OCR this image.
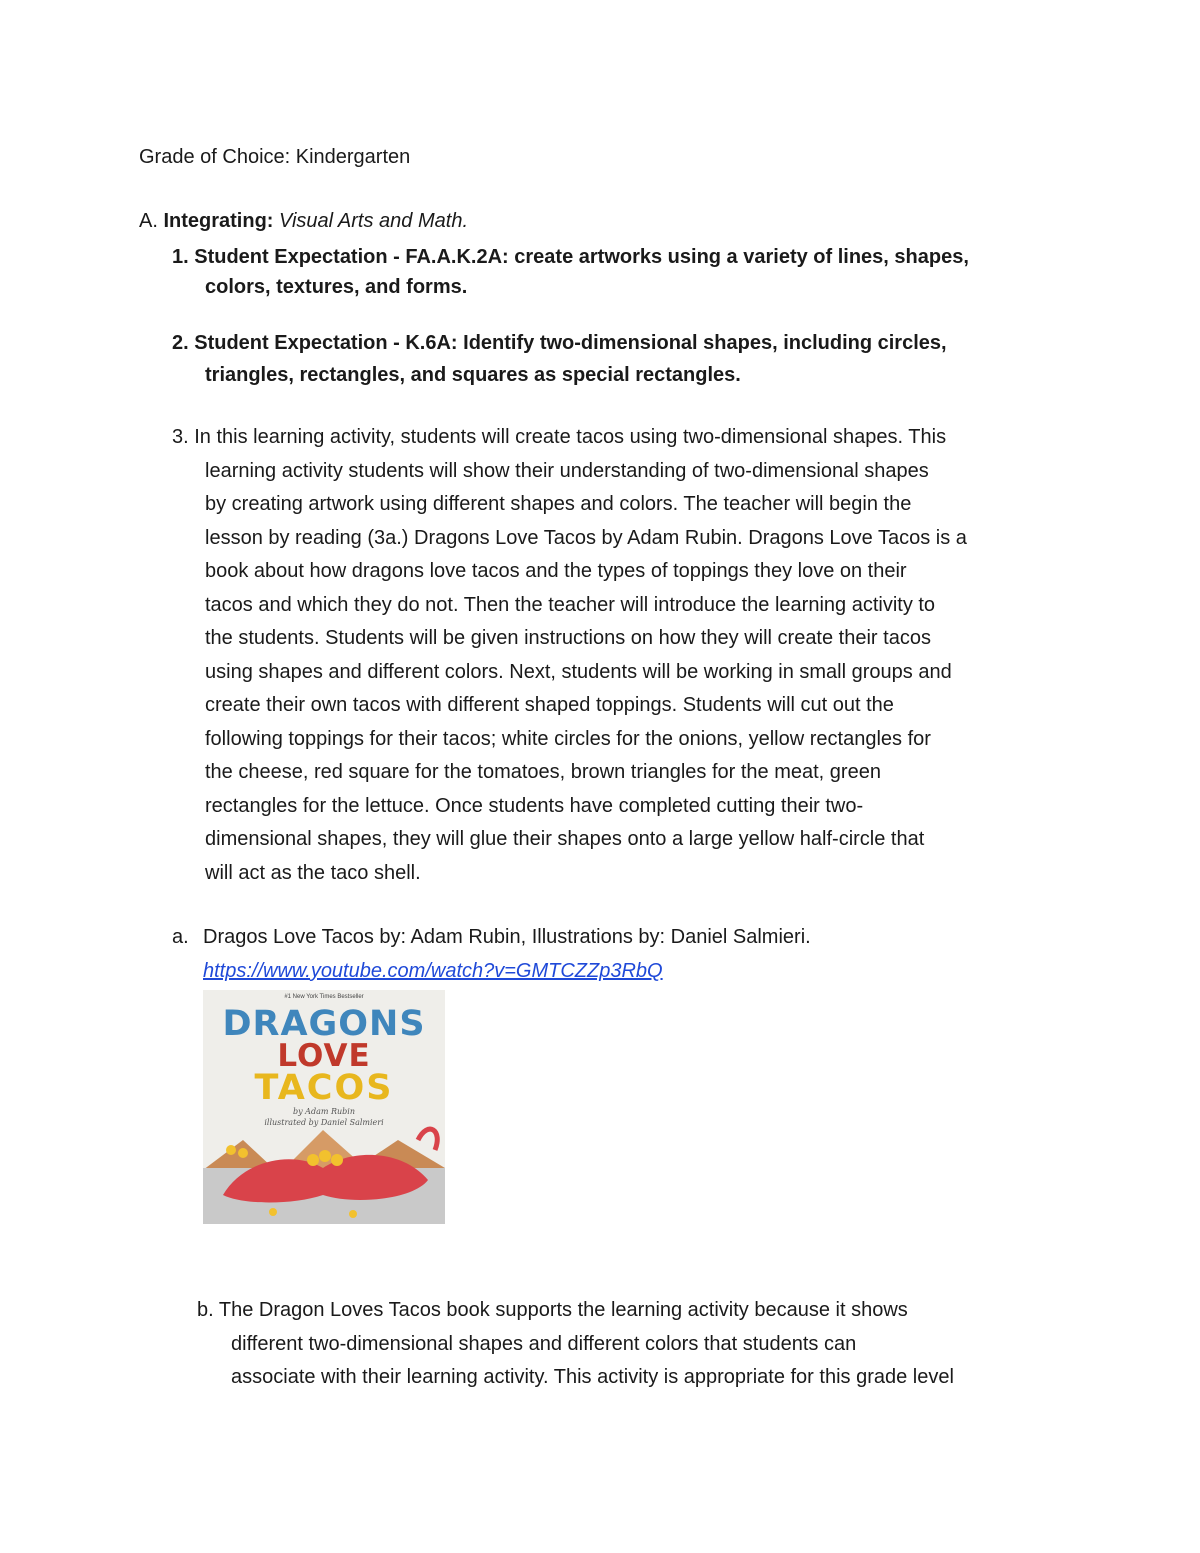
Grade of Choice: Kindergarten
A. Integrating: Visual Arts and Math.
1. Student Expectation - FA.A.K.2A: create artworks using a variety of lines, shapes,
colors, textures, and forms.
2. Student Expectation - K.6A: Identify two-dimensional shapes, including circles,
triangles, rectangles, and squares as special rectangles.
3. In this learning activity, students will create tacos using two-dimensional shapes. This
learning activity students will show their understanding of two-dimensional shapes
by creating artwork using different shapes and colors. The teacher will begin the
lesson by reading (3a.) Dragons Love Tacos by Adam Rubin. Dragons Love Tacos is a
book about how dragons love tacos and the types of toppings they love on their
tacos and which they do not. Then the teacher will introduce the learning activity to
the students. Students will be given instructions on how they will create their tacos
using shapes and different colors. Next, students will be working in small groups and
create their own tacos with different shaped toppings. Students will cut out the
following toppings for their tacos; white circles for the onions, yellow rectangles for
the cheese, red square for the tomatoes, brown triangles for the meat, green
rectangles for the lettuce. Once students have completed cutting their two-
dimensional shapes, they will glue their shapes onto a large yellow half-circle that
will act as the taco shell.
a. Dragos Love Tacos by: Adam Rubin, Illustrations by: Daniel Salmieri.
https://www.youtube.com/watch?v=GMTCZZp3RbQ
#1 New York Times Bestseller
DRAGONS
LOVE
TACOS
by Adam Rubin
illustrated by Daniel Salmieri
b. The Dragon Loves Tacos book supports the learning activity because it shows
different two-dimensional shapes and different colors that students can
associate with their learning activity. This activity is appropriate for this grade level
